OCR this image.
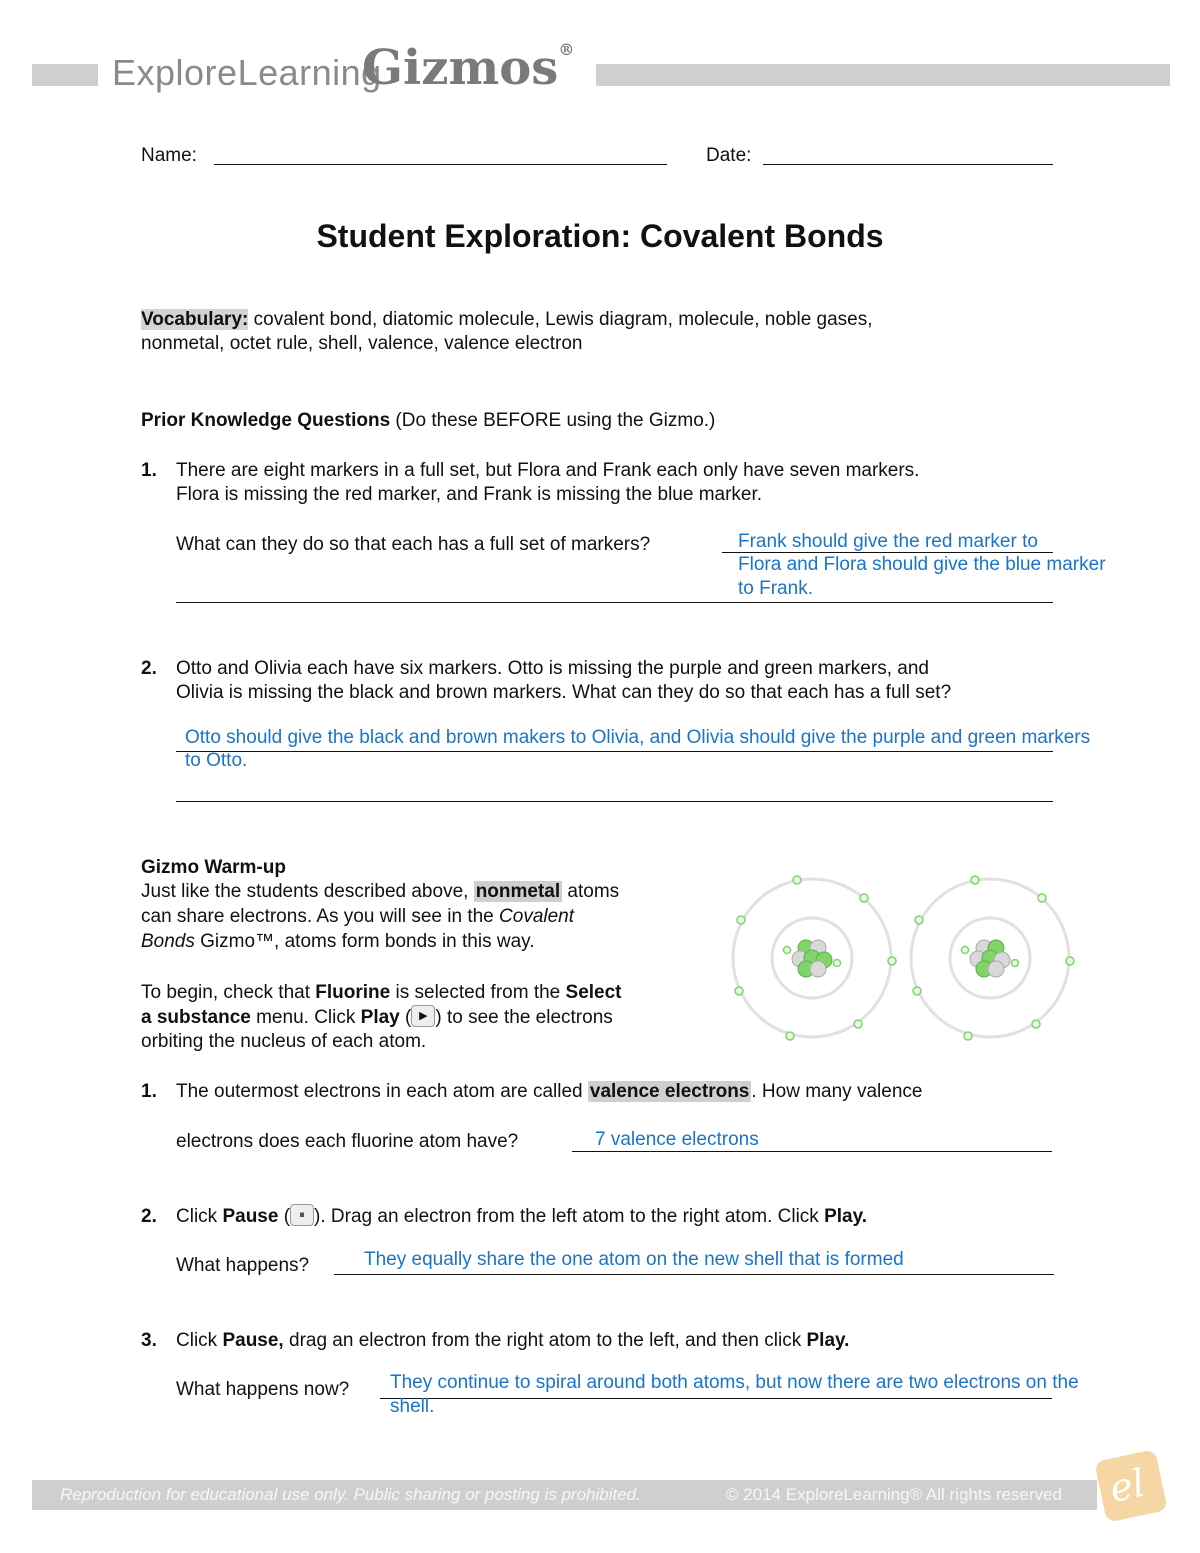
ExploreLearning
Gizmos®
Name:	Date:
Student Exploration: Covalent Bonds
Vocabulary: covalent bond, diatomic molecule, Lewis diagram, molecule, noble gases,
nonmetal, octet rule, shell, valence, valence electron
Prior Knowledge Questions (Do these BEFORE using the Gizmo.)
1. There are eight markers in a full set, but Flora and Frank each only have seven markers.
Flora is missing the red marker, and Frank is missing the blue marker.
What can they do so that each has a full set of markers?	Frank should give the red marker to
Flora and Flora should give the blue marker
to Frank.
2. Otto and Olivia each have six markers. Otto is missing the purple and green markers, and
Olivia is missing the black and brown markers. What can they do so that each has a full set?
Otto should give the black and brown makers to Olivia, and Olivia should give the purple and green markers
to Otto.
Gizmo Warm-up
Just like the students described above, nonmetal atoms
can share electrons. As you will see in the Covalent
Bonds Gizmo™, atoms form bonds in this way.
To begin, check that Fluorine is selected from the Select
a substance menu. Click Play ( ▶ ) to see the electrons
orbiting the nucleus of each atom.
1. The outermost electrons in each atom are called valence electrons . How many valence
electrons does each fluorine atom have?	7 valence electrons
2. Click Pause ( ⏸ ). Drag an electron from the left atom to the right atom. Click Play.
What happens?	They equally share the one atom on the new shell that is formed
3. Click Pause, drag an electron from the right atom to the left, and then click Play.
What happens now? They continue to spiral around both atoms, but now there are two electrons on the
shell.
Reproduction for educational use only. Public sharing or posting is prohibited.	© 2014 ExploreLearning® All rights reserved el
